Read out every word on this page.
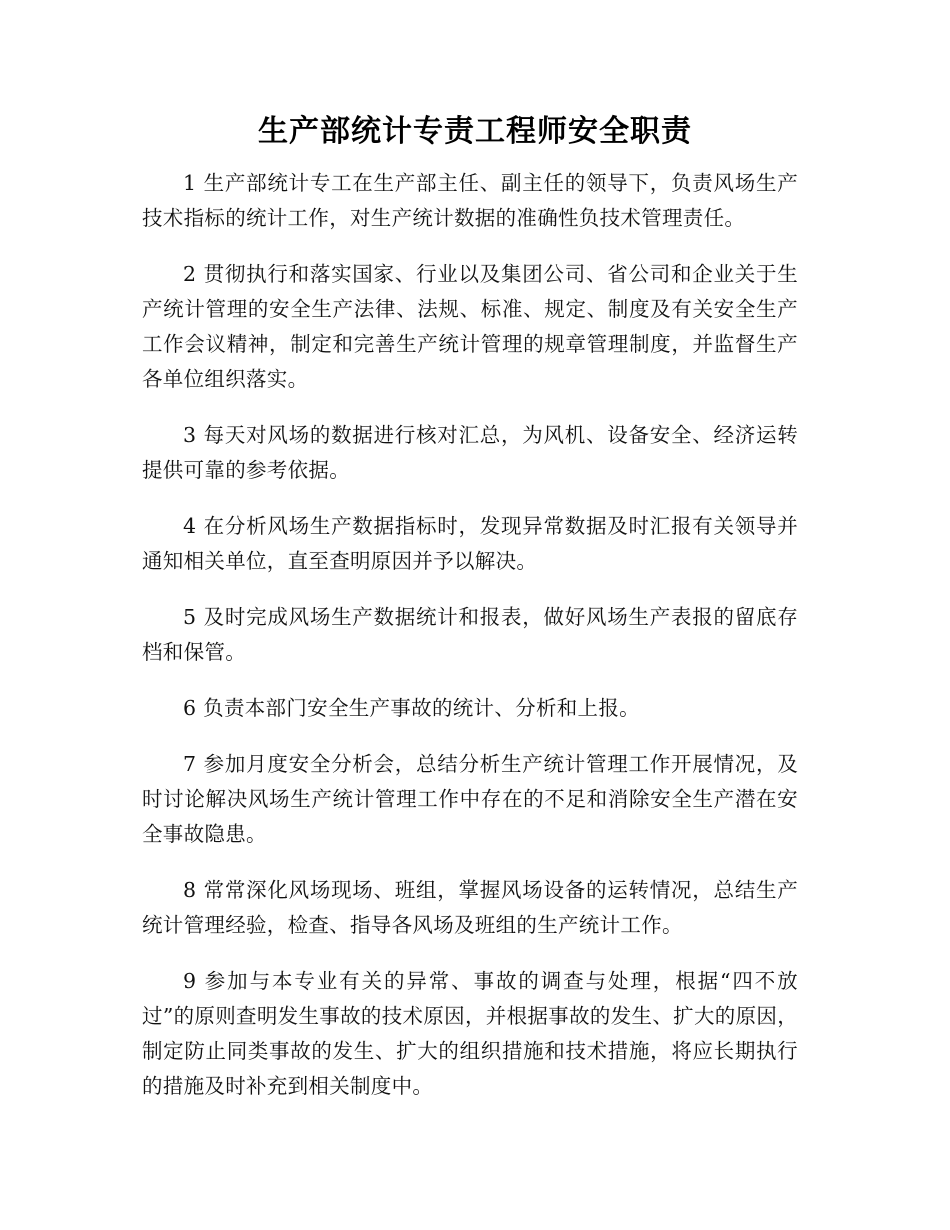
生产部统计专责工程师安全职责

1 生产部统计专工在生产部主任、副主任的领导下，负责风场生产技术指标的统计工作，对生产统计数据的准确性负技术管理责任。

2 贯彻执行和落实国家、行业以及集团公司、省公司和企业关于生产统计管理的安全生产法律、法规、标准、规定、制度及有关安全生产工作会议精神，制定和完善生产统计管理的规章管理制度，并监督生产各单位组织落实。

3 每天对风场的数据进行核对汇总，为风机、设备安全、经济运转提供可靠的参考依据。

4 在分析风场生产数据指标时，发现异常数据及时汇报有关领导并通知相关单位，直至查明原因并予以解决。

5 及时完成风场生产数据统计和报表，做好风场生产表报的留底存档和保管。

6 负责本部门安全生产事故的统计、分析和上报。

7 参加月度安全分析会，总结分析生产统计管理工作开展情况，及时讨论解决风场生产统计管理工作中存在的不足和消除安全生产潜在安全事故隐患。

8 常常深化风场现场、班组，掌握风场设备的运转情况，总结生产统计管理经验，检查、指导各风场及班组的生产统计工作。

9 参加与本专业有关的异常、事故的调查与处理，根据“四不放过”的原则查明发生事故的技术原因，并根据事故的发生、扩大的原因，制定防止同类事故的发生、扩大的组织措施和技术措施，将应长期执行的措施及时补充到相关制度中。
